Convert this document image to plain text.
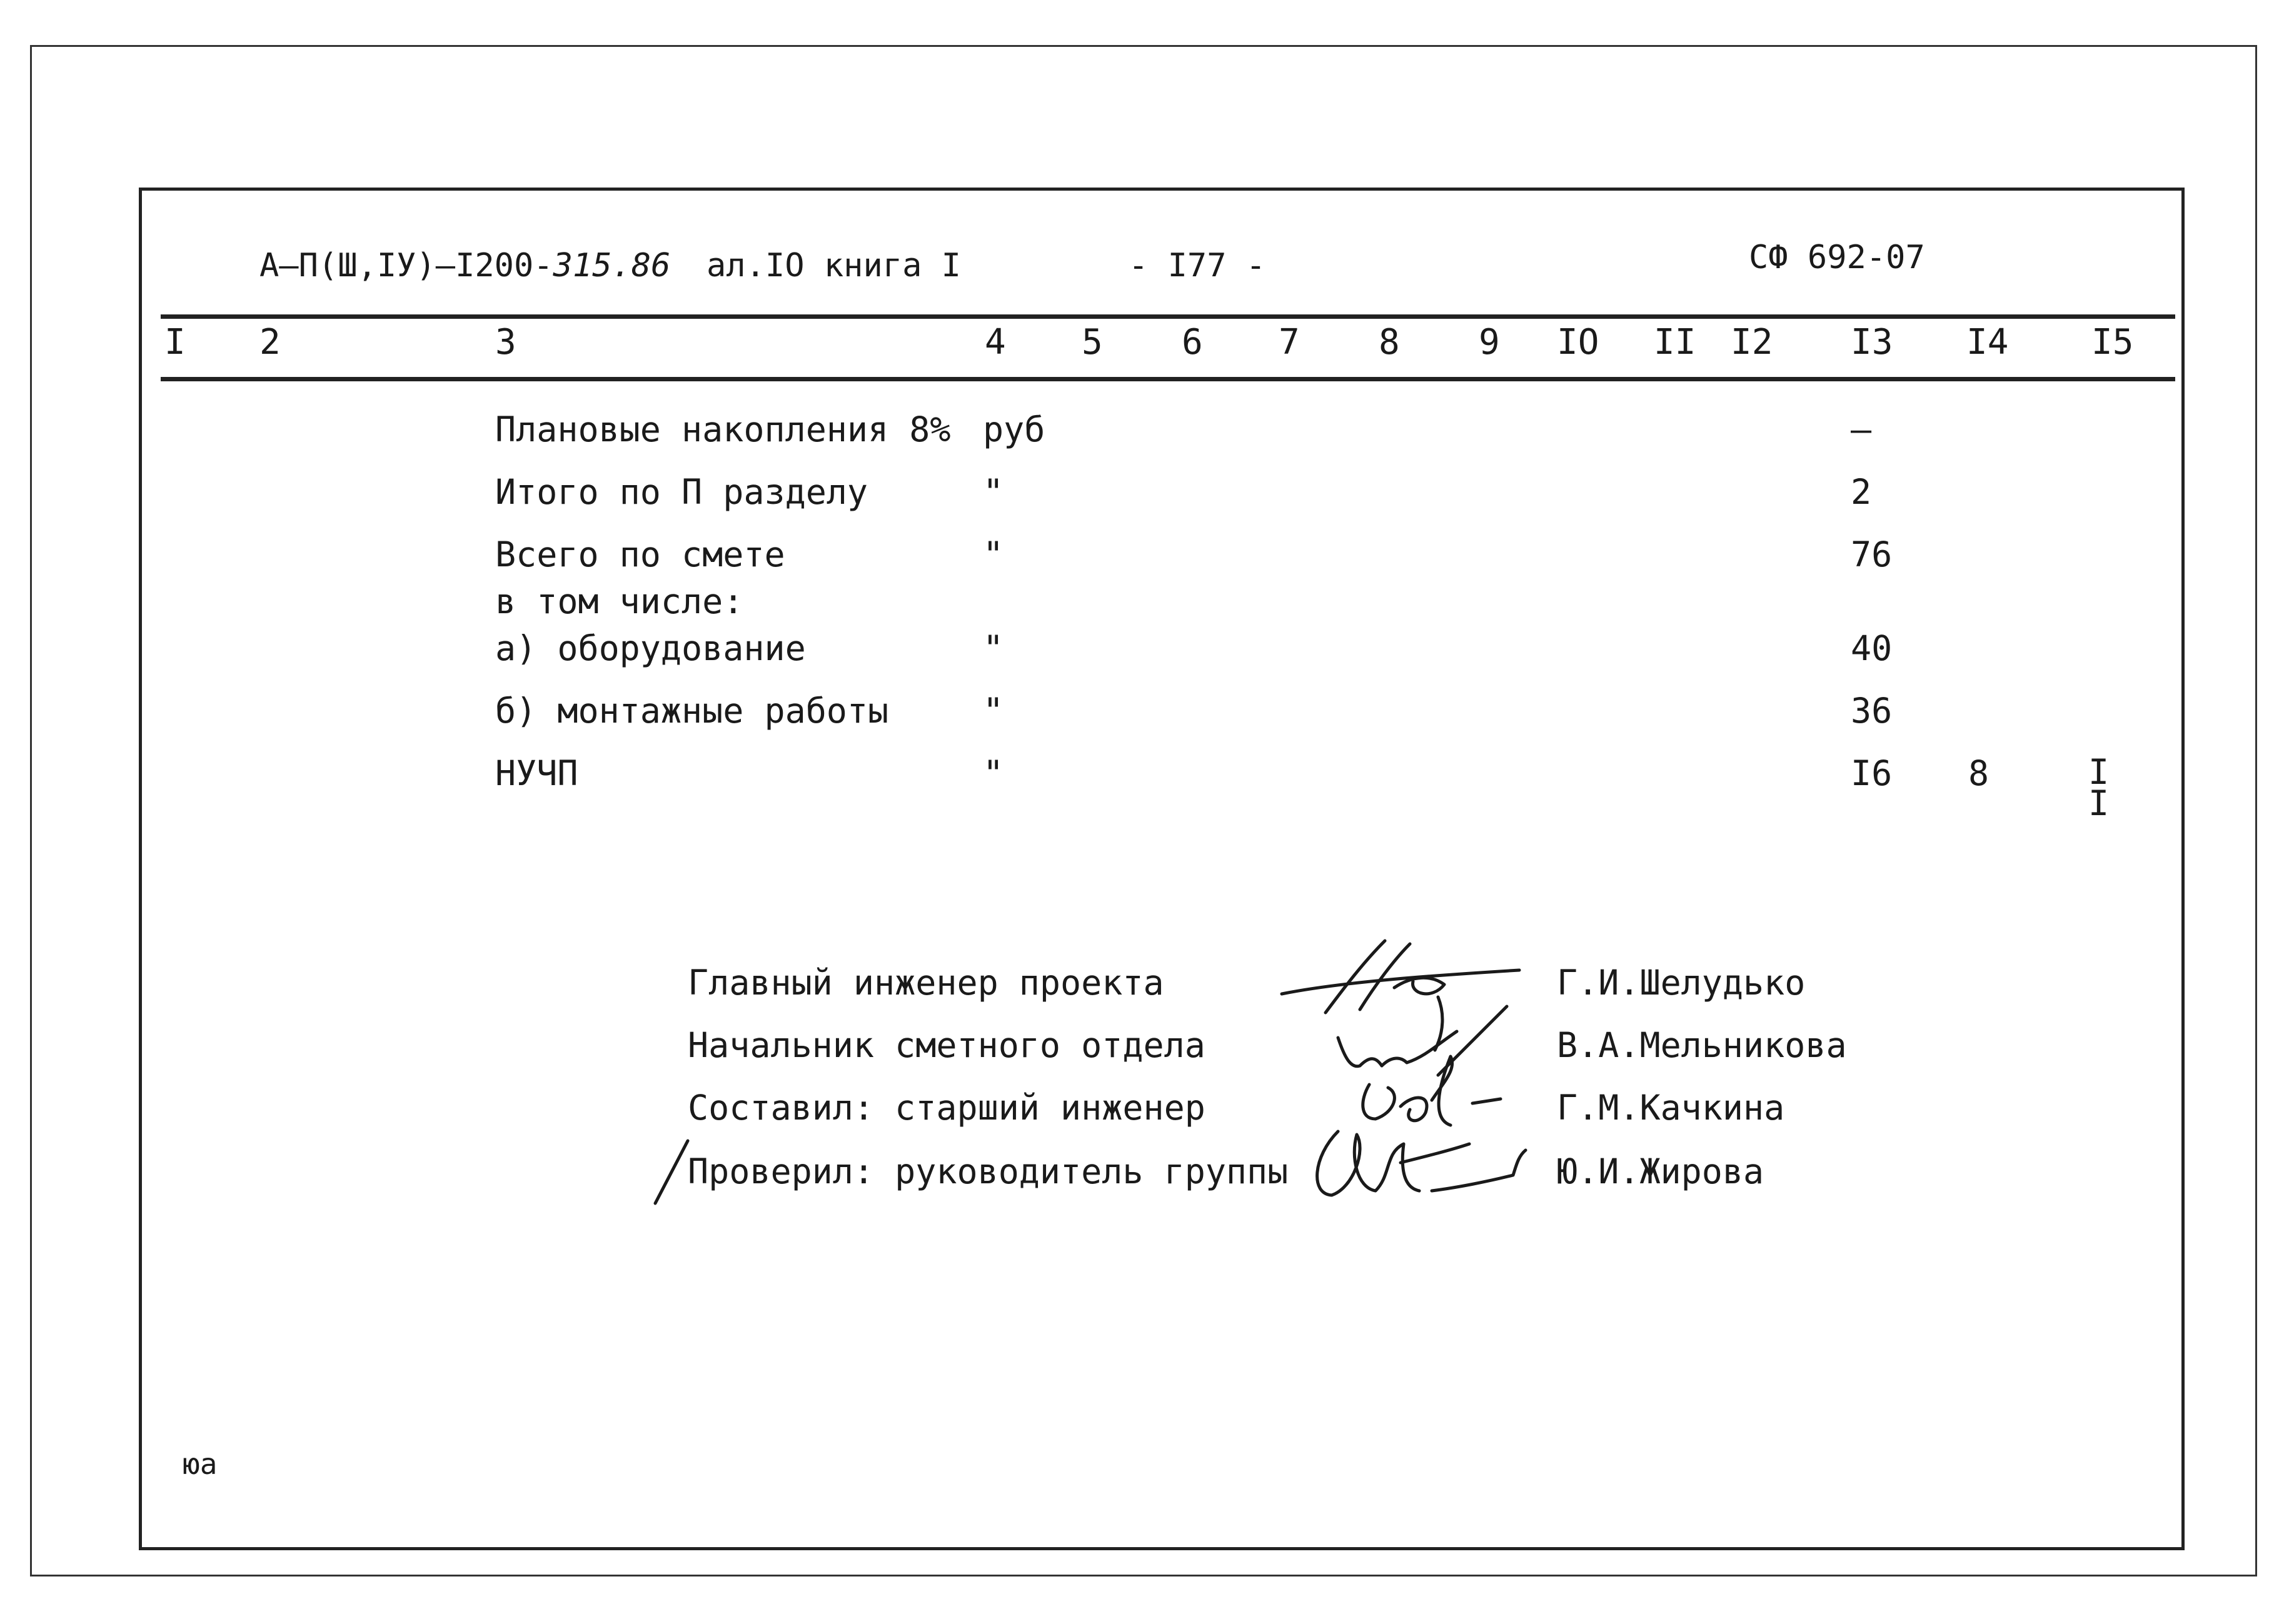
А–П(Ш,IУ)–I200-315.86 ал.IO книга I	- I77 -	СФ 692-07
I 2	3	4 5 6 7 8 9 IO II I2 I3 I4 I5
Плановые накопления 8% руб	–
Итого по П разделу	"	2
Всего по смете	"	76
в том числе:
а) оборудование	"	40
б) монтажные работы	"	36
НУЧП	"	I6 8	I
I
Главный инженер проекта	Г.И.Шелудько
Начальник сметного отдела	В.А.Мельникова
Составил: старший инженер	Г.М.Качкина
Проверил: руководитель группы	Ю.И.Жирова
юа
